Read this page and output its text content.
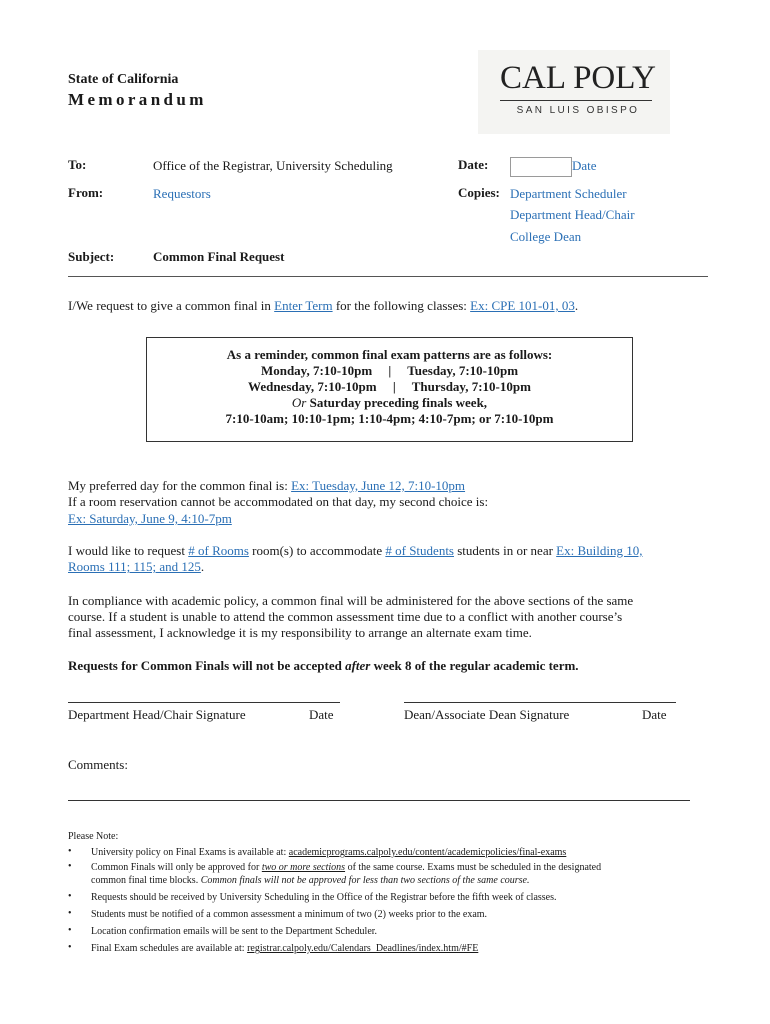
State of California
Memorandum
CAL POLY
SAN LUIS OBISPO
To:	Office of the Registrar, University Scheduling	Date:	Date
From:	Requestors	Copies: Department Scheduler
Department Head/Chair
College Dean
Subject:	Common Final Request
I/We request to give a common final in Enter Term for the following classes: Ex: CPE 101-01, 03.
As a reminder, common final exam patterns are as follows:
Monday, 7:10-10pm     |     Tuesday, 7:10-10pm
Wednesday, 7:10-10pm     |     Thursday, 7:10-10pm
Or Saturday preceding finals week,
7:10-10am; 10:10-1pm; 1:10-4pm; 4:10-7pm; or 7:10-10pm
My preferred day for the common final is: Ex: Tuesday, June 12, 7:10-10pm
If a room reservation cannot be accommodated on that day, my second choice is:
Ex: Saturday, June 9, 4:10-7pm
I would like to request # of Rooms room(s) to accommodate # of Students students in or near Ex: Building 10,
Rooms 111; 115; and 125.
In compliance with academic policy, a common final will be administered for the above sections of the same
course. If a student is unable to attend the common assessment time due to a conflict with another course’s
final assessment, I acknowledge it is my responsibility to arrange an alternate exam time.
Requests for Common Finals will not be accepted after week 8 of the regular academic term.
Department Head/Chair Signature	Date	Dean/Associate Dean Signature	Date
Comments:
Please Note:
• University policy on Final Exams is available at: academicprograms.calpoly.edu/content/academicpolicies/final-exams
• Common Finals will only be approved for two or more sections of the same course. Exams must be scheduled in the designated
common final time blocks. Common finals will not be approved for less than two sections of the same course.
• Requests should be received by University Scheduling in the Office of the Registrar before the fifth week of classes.
• Students must be notified of a common assessment a minimum of two (2) weeks prior to the exam.
• Location confirmation emails will be sent to the Department Scheduler.
• Final Exam schedules are available at: registrar.calpoly.edu/Calendars_Deadlines/index.htm/#FE
